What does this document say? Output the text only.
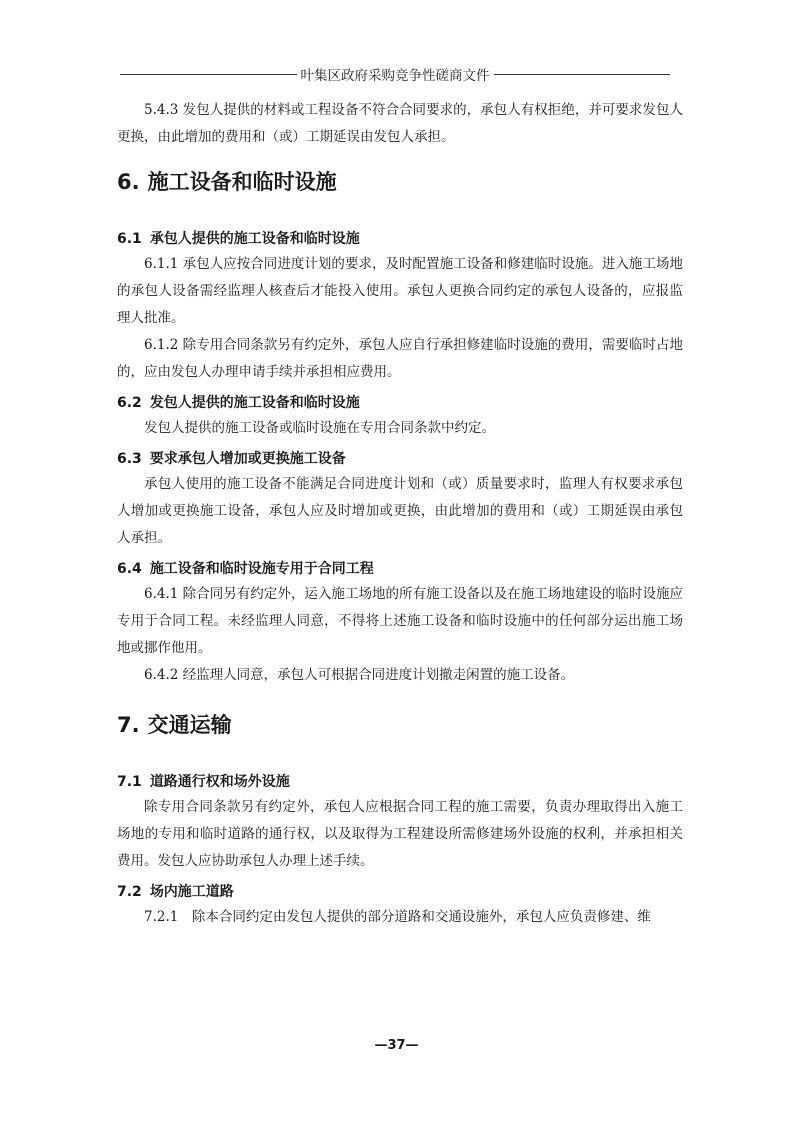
叶集区政府采购竞争性磋商文件

5.4.3 发包人提供的材料或工程设备不符合合同要求的，承包人有权拒绝，并可要求发包人更换，由此增加的费用和（或）工期延误由发包人承担。

6. 施工设备和临时设施
6.1 承包人提供的施工设备和临时设施

6.1.1 承包人应按合同进度计划的要求，及时配置施工设备和修建临时设施。进入施工场地的承包人设备需经监理人核查后才能投入使用。承包人更换合同约定的承包人设备的，应报监理人批准。

6.1.2 除专用合同条款另有约定外，承包人应自行承担修建临时设施的费用，需要临时占地的，应由发包人办理申请手续并承担相应费用。

6.2 发包人提供的施工设备和临时设施

发包人提供的施工设备或临时设施在专用合同条款中约定。

6.3 要求承包人增加或更换施工设备

承包人使用的施工设备不能满足合同进度计划和（或）质量要求时，监理人有权要求承包人增加或更换施工设备，承包人应及时增加或更换，由此增加的费用和（或）工期延误由承包人承担。

6.4 施工设备和临时设施专用于合同工程

6.4.1 除合同另有约定外，运入施工场地的所有施工设备以及在施工场地建设的临时设施应专用于合同工程。未经监理人同意，不得将上述施工设备和临时设施中的任何部分运出施工场地或挪作他用。

6.4.2 经监理人同意，承包人可根据合同进度计划撤走闲置的施工设备。

7. 交通运输
7.1 道路通行权和场外设施

除专用合同条款另有约定外，承包人应根据合同工程的施工需要，负责办理取得出入施工场地的专用和临时道路的通行权，以及取得为工程建设所需修建场外设施的权利，并承担相关费用。发包人应协助承包人办理上述手续。

7.2 场内施工道路

7.2.1　除本合同约定由发包人提供的部分道路和交通设施外，承包人应负责修建、维

—37—
